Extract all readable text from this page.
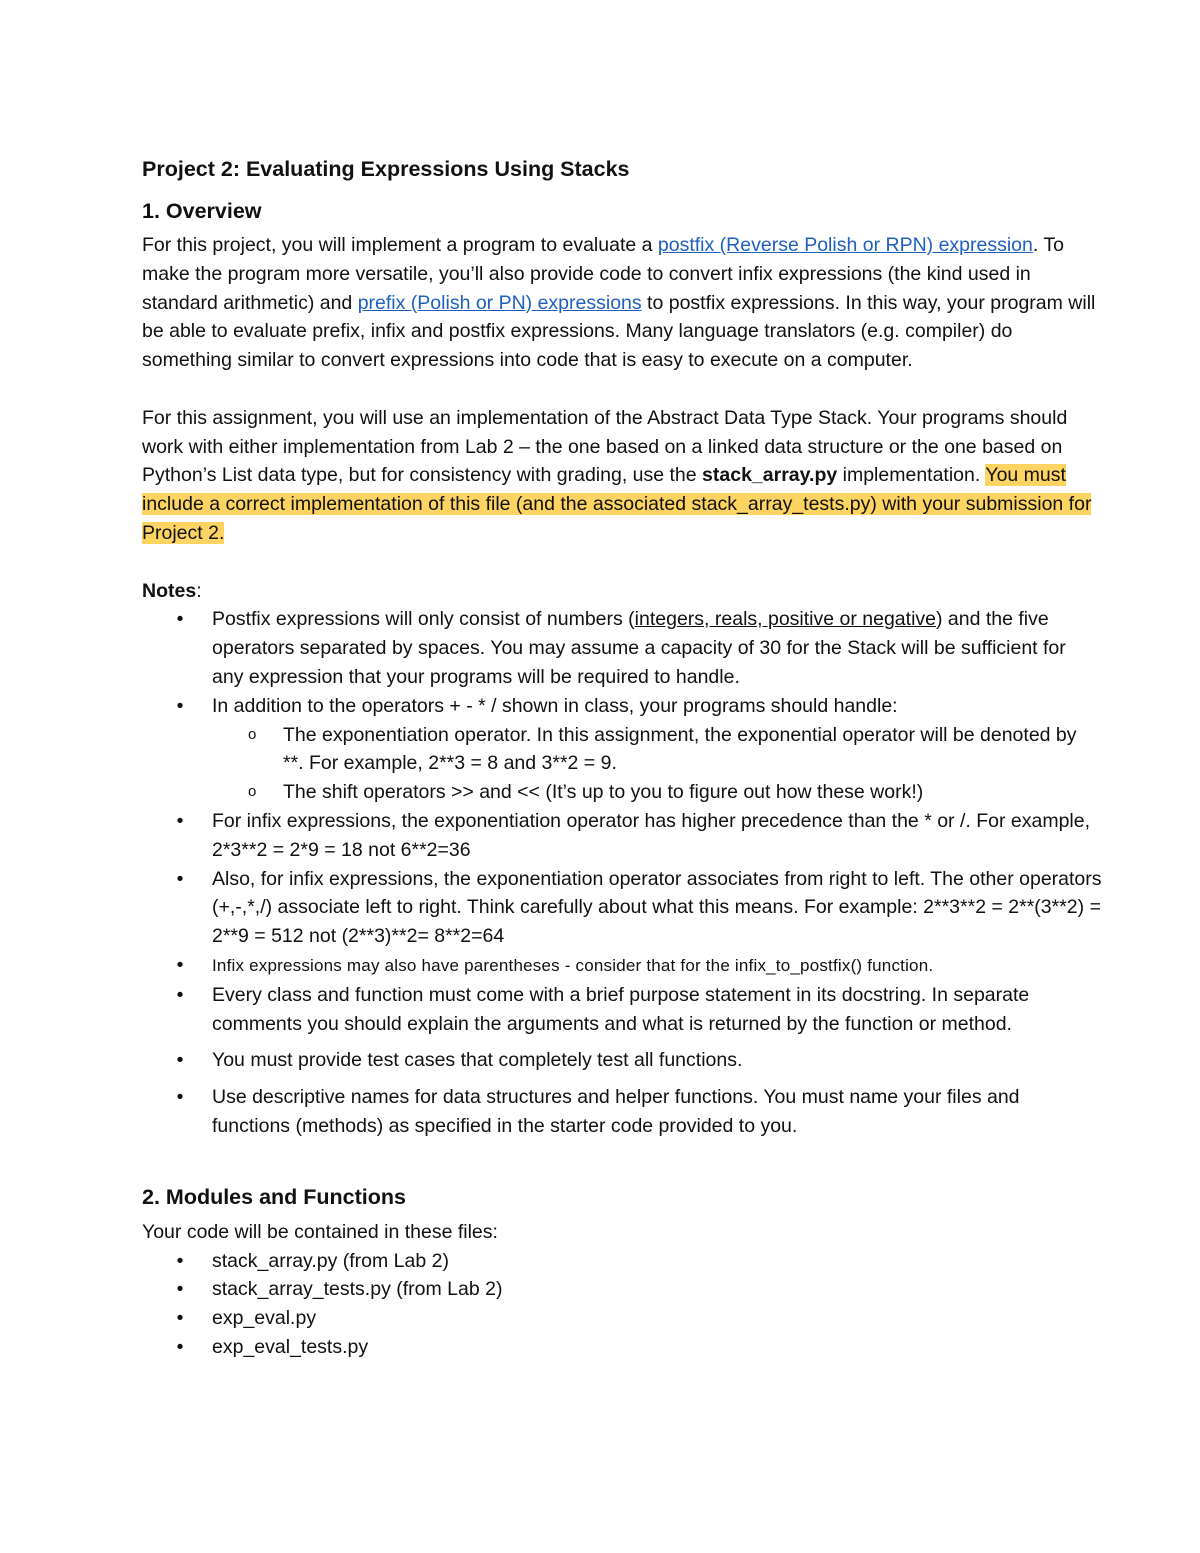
Project 2: Evaluating Expressions Using Stacks
1. Overview

For this project, you will implement a program to evaluate a postfix (Reverse Polish or RPN) expression. To make the program more versatile, you’ll also provide code to convert infix expressions (the kind used in standard arithmetic) and prefix (Polish or PN) expressions to postfix expressions. In this way, your program will be able to evaluate prefix, infix and postfix expressions. Many language translators (e.g. compiler) do something similar to convert expressions into code that is easy to execute on a computer.

For this assignment, you will use an implementation of the Abstract Data Type Stack. Your programs should work with either implementation from Lab 2 – the one based on a linked data structure or the one based on Python’s List data type, but for consistency with grading, use the stack_array.py implementation. You must include a correct implementation of this file (and the associated stack_array_tests.py) with your submission for Project 2.

Notes:

• Postfix expressions will only consist of numbers (integers, reals, positive or negative) and the five operators separated by spaces. You may assume a capacity of 30 for the Stack will be sufficient for any expression that your programs will be required to handle.
• In addition to the operators + - * / shown in class, your programs should handle:
o The exponentiation operator. In this assignment, the exponential operator will be denoted by **. For example, 2**3 = 8 and 3**2 = 9.
o The shift operators >> and << (It’s up to you to figure out how these work!)
• For infix expressions, the exponentiation operator has higher precedence than the * or /. For example, 2*3**2 = 2*9 = 18 not 6**2=36
• Also, for infix expressions, the exponentiation operator associates from right to left. The other operators (+,-,*,/) associate left to right. Think carefully about what this means. For example: 2**3**2 = 2**(3**2) = 2**9 = 512 not (2**3)**2= 8**2=64
• Infix expressions may also have parentheses - consider that for the infix_to_postfix() function.
• Every class and function must come with a brief purpose statement in its docstring. In separate comments you should explain the arguments and what is returned by the function or method.
• You must provide test cases that completely test all functions.
• Use descriptive names for data structures and helper functions. You must name your files and functions (methods) as specified in the starter code provided to you.
2. Modules and Functions

Your code will be contained in these files:

• stack_array.py (from Lab 2)
• stack_array_tests.py (from Lab 2)
• exp_eval.py
• exp_eval_tests.py
